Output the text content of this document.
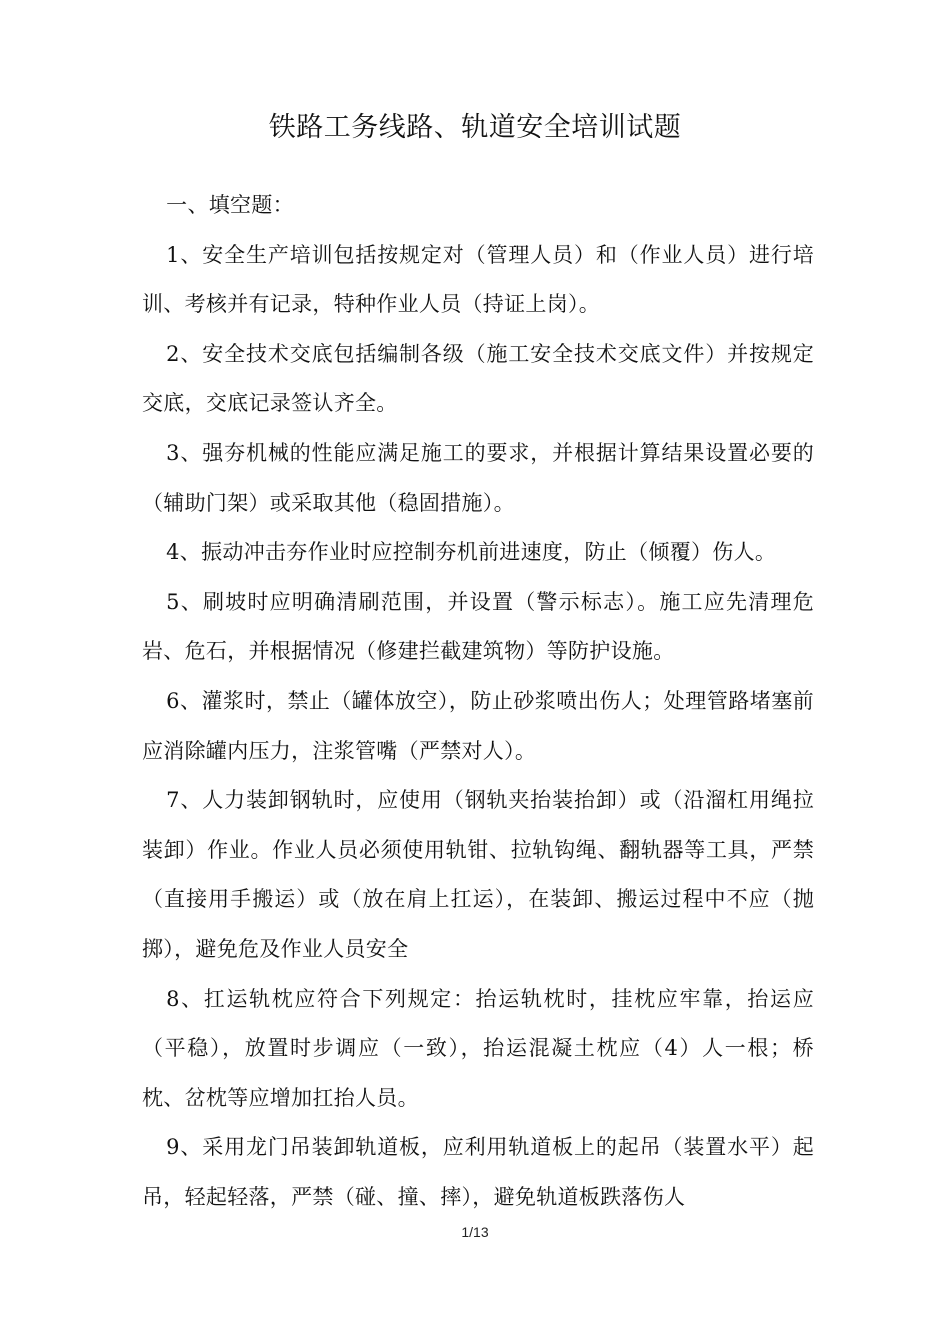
铁路工务线路、轨道安全培训试题

一、填空题：

1、安全生产培训包括按规定对（管理人员）和（作业人员）进行培训、考核并有记录，特种作业人员（持证上岗）。

2、安全技术交底包括编制各级（施工安全技术交底文件）并按规定交底，交底记录签认齐全。

3、强夯机械的性能应满足施工的要求，并根据计算结果设置必要的（辅助门架）或采取其他（稳固措施）。

4、振动冲击夯作业时应控制夯机前进速度，防止（倾覆）伤人。

5、刷坡时应明确清刷范围，并设置（警示标志）。施工应先清理危岩、危石，并根据情况（修建拦截建筑物）等防护设施。

6、灌浆时，禁止（罐体放空），防止砂浆喷出伤人；处理管路堵塞前应消除罐内压力，注浆管嘴（严禁对人）。

7、人力装卸钢轨时，应使用（钢轨夹抬装抬卸）或（沿溜杠用绳拉装卸）作业。作业人员必须使用轨钳、拉轨钩绳、翻轨器等工具，严禁（直接用手搬运）或（放在肩上扛运），在装卸、搬运过程中不应（抛掷），避免危及作业人员安全

8、扛运轨枕应符合下列规定：抬运轨枕时，挂枕应牢靠，抬运应（平稳），放置时步调应（一致），抬运混凝土枕应（4）人一根；桥枕、岔枕等应增加扛抬人员。

9、采用龙门吊装卸轨道板，应利用轨道板上的起吊（装置水平）起吊，轻起轻落，严禁（碰、撞、摔），避免轨道板跌落伤人

1/13
